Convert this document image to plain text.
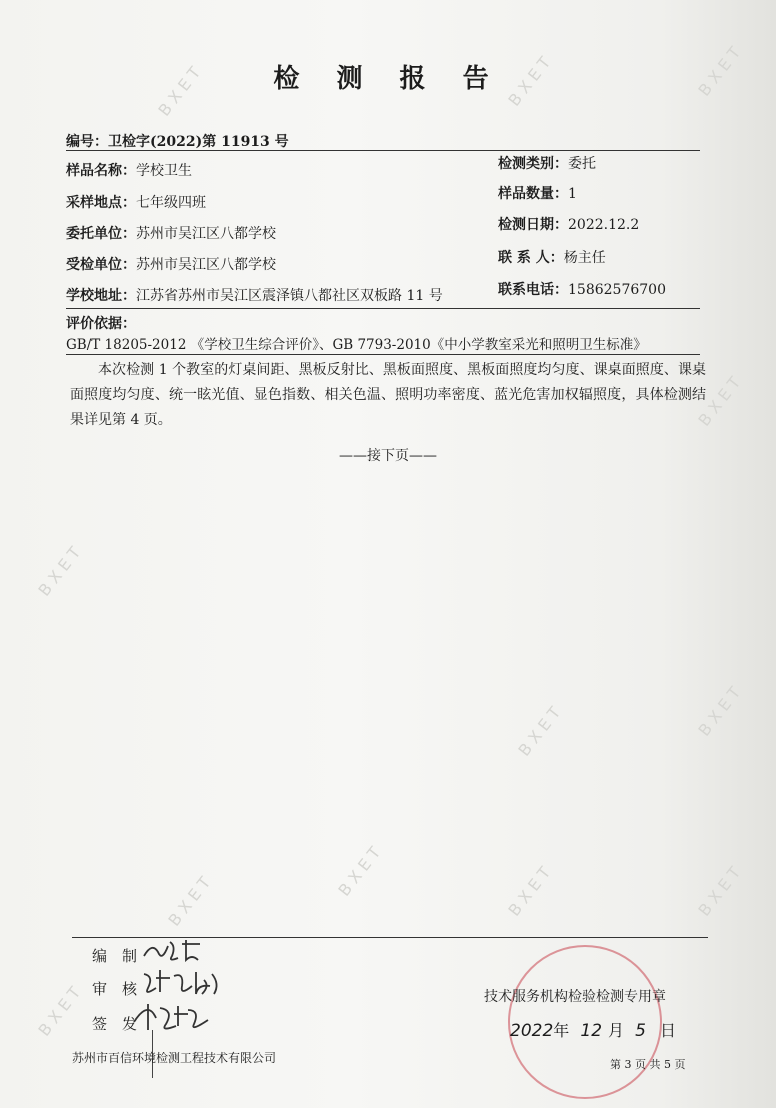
BXET	BXET	BXET
BXET
BXET
BXET
BXET
BXET	BXET
BXET
BXET
BXET
检 测 报 告
编号：卫检字(2022)第 11913 号
样品名称：学校卫生
采样地点：七年级四班
委托单位：苏州市吴江区八都学校
受检单位：苏州市吴江区八都学校
学校地址：江苏省苏州市吴江区震泽镇八都社区双板路 11 号
检测类别：委托
样品数量：1
检测日期：2022.12.2
联 系 人：杨主任
联系电话：15862576700
评价依据：
GB/T 18205-2012 《学校卫生综合评价》、GB 7793-2010《中小学教室采光和照明卫生标准》
本次检测 1 个教室的灯桌间距、黑板反射比、黑板面照度、黑板面照度均匀度、课桌面照度、课桌面照度均匀度、统一眩光值、显色指数、相关色温、照明功率密度、蓝光危害加权辐照度，具体检测结果详见第 4 页。
——接下页——
编　制
审　核
签　发
苏州市百信环境检测工程技术有限公司
技术服务机构检验检测专用章
2022年 12 月 5 日
第 3 页 共 5 页
